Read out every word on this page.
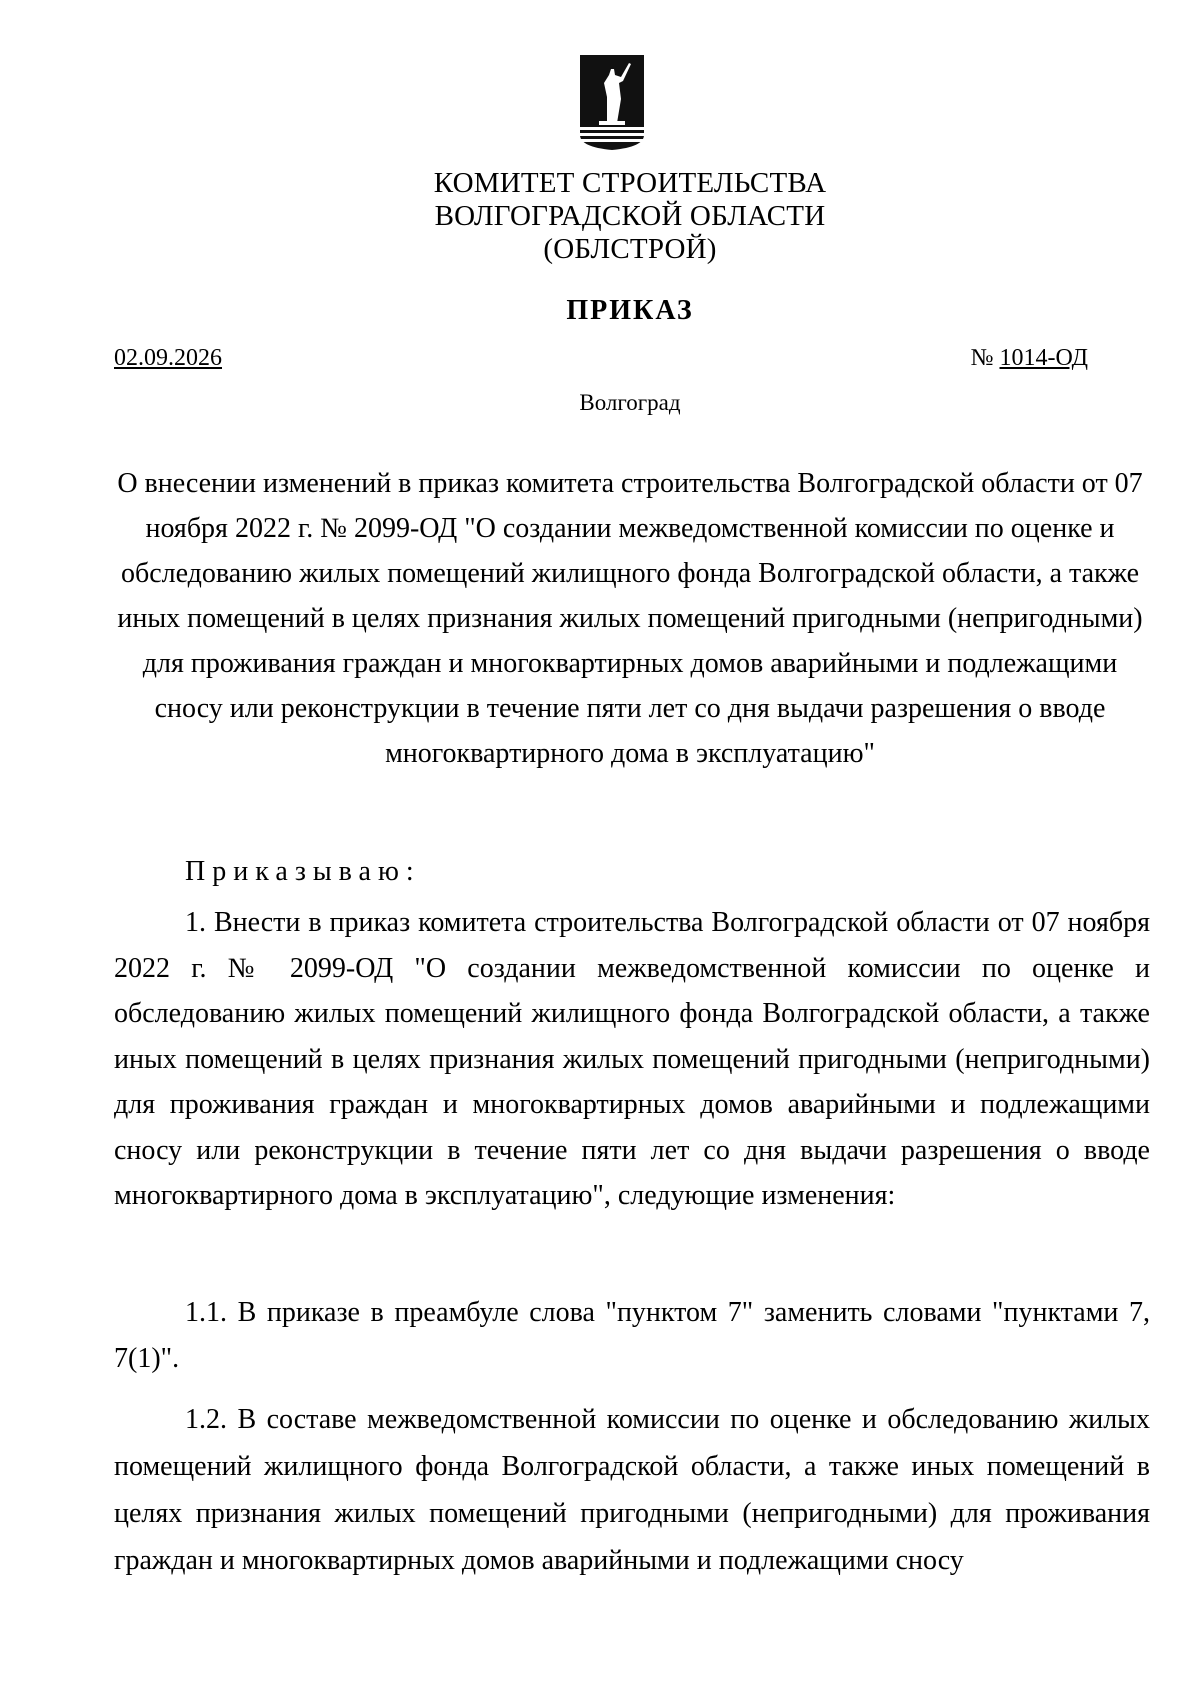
КОМИТЕТ СТРОИТЕЛЬСТВА
ВОЛГОГРАДСКОЙ ОБЛАСТИ
(ОБЛСТРОЙ)
ПРИКАЗ
02.09.2026	№ 1014-ОД
Волгоград
О внесении изменений в приказ комитета строительства Волгоградской области от 07 ноября 2022 г. № 2099-ОД "О создании межведомственной комиссии по оценке и обследованию жилых помещений жилищного фонда Волгоградской области, а также иных помещений в целях признания жилых помещений пригодными (непригодными) для проживания граждан и многоквартирных домов аварийными и подлежащими сносу или реконструкции в течение пяти лет со дня выдачи разрешения о вводе многоквартирного дома в эксплуатацию"
Приказываю:
1. Внести в приказ комитета строительства Волгоградской области от 07 ноября 2022 г. № 2099-ОД "О создании межведомственной комиссии по оценке и обследованию жилых помещений жилищного фонда Волгоградской области, а также иных помещений в целях признания жилых помещений пригодными (непригодными) для проживания граждан и многоквартирных домов аварийными и подлежащими сносу или реконструкции в течение пяти лет со дня выдачи разрешения о вводе многоквартирного дома в эксплуатацию", следующие изменения:
1.1. В приказе в преамбуле слова "пунктом 7" заменить словами "пунктами 7, 7(1)".
1.2. В составе межведомственной комиссии по оценке и обследованию жилых помещений жилищного фонда Волгоградской области, а также иных помещений в целях признания жилых помещений пригодными (непригодными) для проживания граждан и многоквартирных домов аварийными и подлежащими сносу
